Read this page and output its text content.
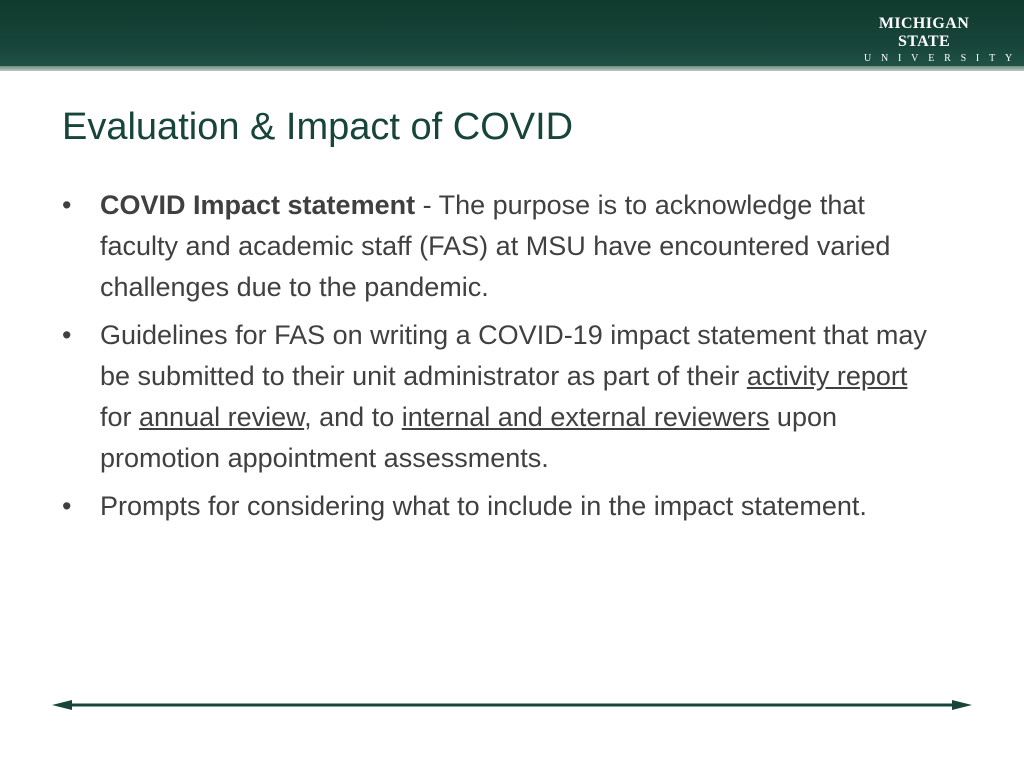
MICHIGAN STATE
UNIVERSITY
Evaluation & Impact of COVID
•	COVID Impact statement - The purpose is to acknowledge that faculty and academic staff (FAS) at MSU have encountered varied challenges due to the pandemic.
•	Guidelines for FAS on writing a COVID-19 impact statement that may be submitted to their unit administrator as part of their activity report for annual review, and to internal and external reviewers upon promotion appointment assessments.
•	Prompts for considering what to include in the impact statement.
